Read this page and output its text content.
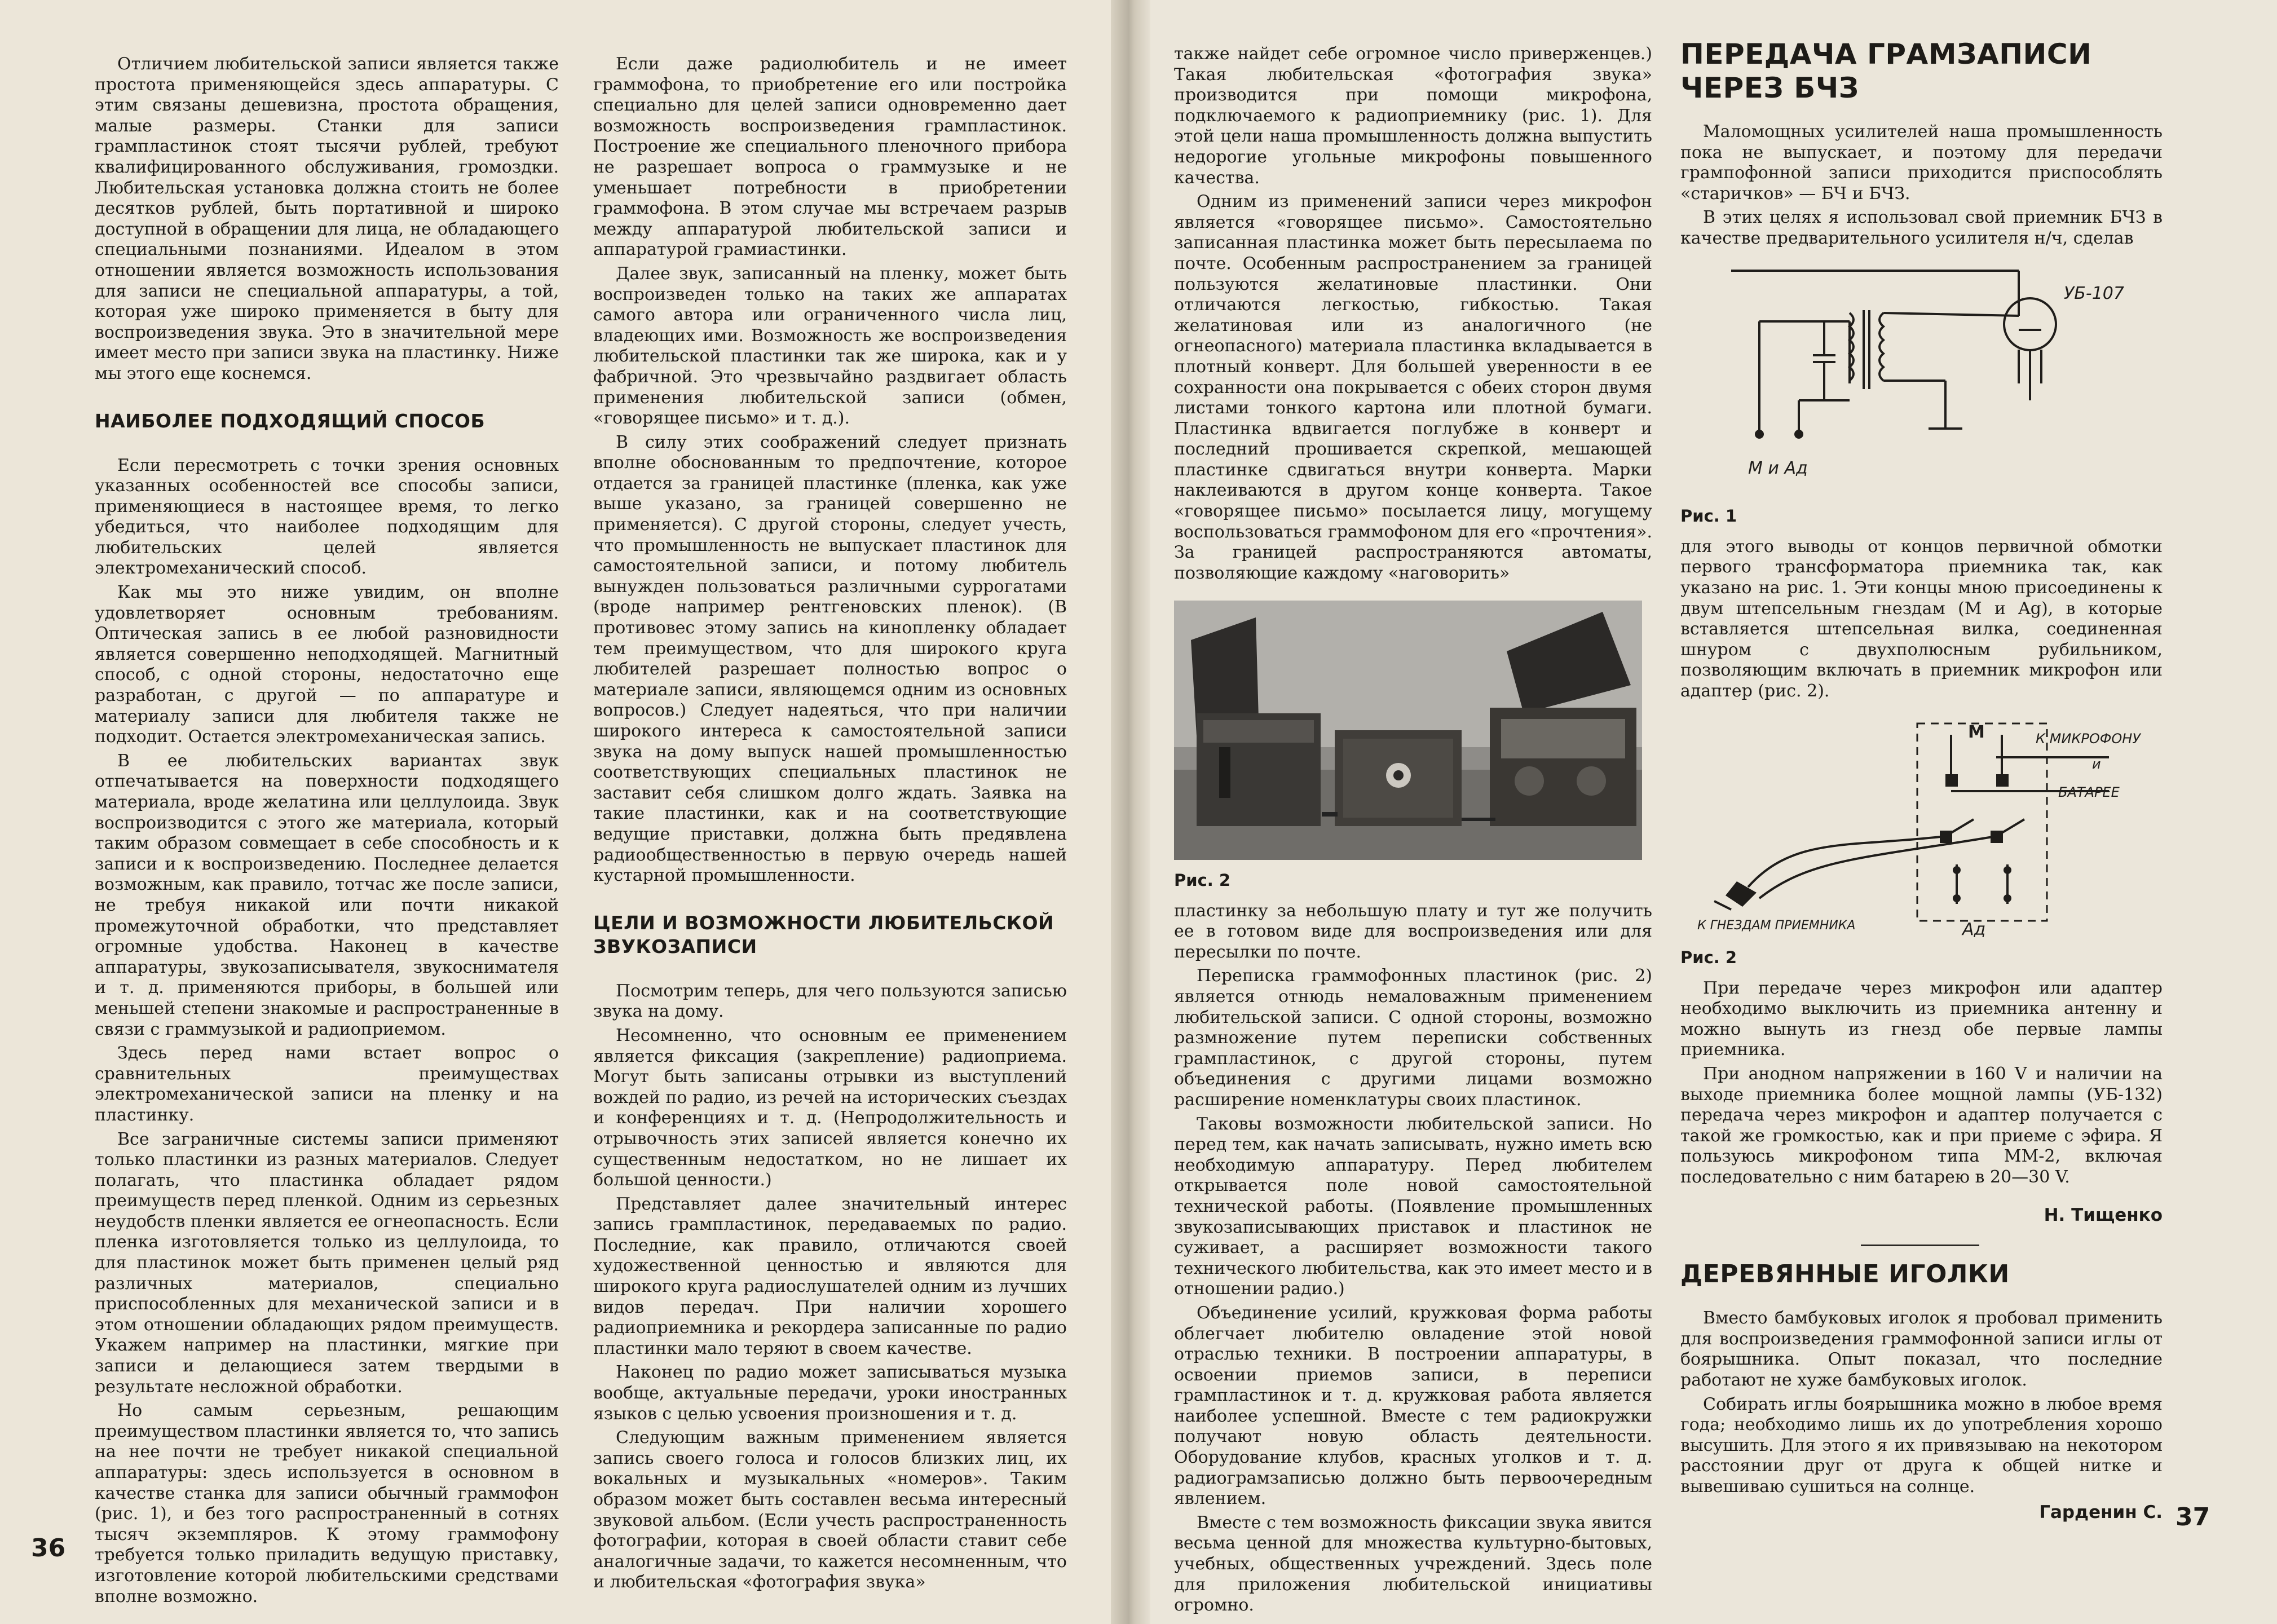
Отличием любительской записи является также простота применяющейся здесь аппаратуры. С этим связаны дешевизна, простота обращения, малые размеры. Станки для записи грампластинок стоят тысячи рублей, требуют квалифицированного обслуживания, громоздки. Любительская установка должна стоить не более десятков рублей, быть портативной и широко доступной в обращении для лица, не обладающего специальными познаниями. Идеалом в этом отношении является возможность использования для записи не специальной аппаратуры, а той, которая уже широко применяется в быту для воспроизведения звука. Это в значительной мере имеет место при записи звука на пластинку. Ниже мы этого еще коснемся.

НАИБОЛЕЕ ПОДХОДЯЩИЙ СПОСОБ

Если пересмотреть с точки зрения основных указанных особенностей все способы записи, применяющиеся в настоящее время, то легко убедиться, что наиболее подходящим для любительских целей является электромеханический способ.

Как мы это ниже увидим, он вполне удовлетворяет основным требованиям. Оптическая запись в ее любой разновидности является совершенно неподходящей. Магнитный способ, с одной стороны, недостаточно еще разработан, с другой — по аппаратуре и материалу записи для любителя также не подходит. Остается электромеханическая запись.

В ее любительских вариантах звук отпечатывается на поверхности подходящего материала, вроде желатина или целлулоида. Звук воспроизводится с этого же материала, который таким образом совмещает в себе способность и к записи и к воспроизведению. Последнее делается возможным, как правило, тотчас же после записи, не требуя никакой или почти никакой промежуточной обработки, что представляет огромные удобства. Наконец в качестве аппаратуры, звукозаписывателя, звукоснимателя и т. д. применяются приборы, в большей или меньшей степени знакомые и распространенные в связи с граммузыкой и радиоприемом.

Здесь перед нами встает вопрос о сравнительных преимуществах электромеханической записи на пленку и на пластинку.

Все заграничные системы записи применяют только пластинки из разных материалов. Следует полагать, что пластинка обладает рядом преимуществ перед пленкой. Одним из серьезных неудобств пленки является ее огнеопасность. Если пленка изготовляется только из целлулоида, то для пластинок может быть применен целый ряд различных материалов, специально приспособленных для механической записи и в этом отношении обладающих рядом преимуществ. Укажем например на пластинки, мягкие при записи и делающиеся затем твердыми в результате несложной обработки.

Но самым серьезным, решающим преимуществом пластинки является то, что запись на нее почти не требует никакой специальной аппаратуры: здесь используется в основном в качестве станка для записи обычный граммофон (рис. 1), и без того распространенный в сотнях тысяч экземпляров. К этому граммофону требуется только приладить ведущую приставку, изготовление которой любительскими средствами вполне возможно.

Если даже радиолюбитель и не имеет граммофона, то приобретение его или постройка специально для целей записи одновременно дает возможность воспроизведения грампластинок. Построение же специального пленочного прибора не разрешает вопроса о граммузыке и не уменьшает потребности в приобретении граммофона. В этом случае мы встречаем разрыв между аппаратурой любительской записи и аппаратурой грамиастинки.

Далее звук, записанный на пленку, может быть воспроизведен только на таких же аппаратах самого автора или ограниченного числа лиц, владеющих ими. Возможность же воспроизведения любительской пластинки так же широка, как и у фабричной. Это чрезвычайно раздвигает область применения любительской записи (обмен, «говорящее письмо» и т. д.).

В силу этих соображений следует признать вполне обоснованным то предпочтение, которое отдается за границей пластинке (пленка, как уже выше указано, за границей совершенно не применяется). С другой стороны, следует учесть, что промышленность не выпускает пластинок для самостоятельной записи, и потому любитель вынужден пользоваться различными суррогатами (вроде например рентгеновских пленок). (В противовес этому запись на кинопленку обладает тем преимуществом, что для широкого круга любителей разрешает полностью вопрос о материале записи, являющемся одним из основных вопросов.) Следует надеяться, что при наличии широкого интереса к самостоятельной записи звука на дому выпуск нашей промышленностью соответствующих специальных пластинок не заставит себя слишком долго ждать. Заявка на такие пластинки, как и на соответствующие ведущие приставки, должна быть предявлена радиообщественностью в первую очередь нашей кустарной промышленности.

ЦЕЛИ И ВОЗМОЖНОСТИ ЛЮБИТЕЛЬСКОЙ ЗВУКОЗАПИСИ

Посмотрим теперь, для чего пользуются записью звука на дому.

Несомненно, что основным ее применением является фиксация (закрепление) радиоприема. Могут быть записаны отрывки из выступлений вождей по радио, из речей на исторических съездах и конференциях и т. д. (Непродолжительность и отрывочность этих записей является конечно их существенным недостатком, но не лишает их большой ценности.)

Представляет далее значительный интерес запись грампластинок, передаваемых по радио. Последние, как правило, отличаются своей художественной ценностью и являются для широкого круга радиослушателей одним из лучших видов передач. При наличии хорошего радиоприемника и рекордера записанные по радио пластинки мало теряют в своем качестве.

Наконец по радио может записываться музыка вообще, актуальные передачи, уроки иностранных языков с целью усвоения произношения и т. д.

Следующим важным применением является запись своего голоса и голосов близких лиц, их вокальных и музыкальных «номеров». Таким образом может быть составлен весьма интересный звуковой альбом. (Если учесть распространенность фотографии, которая в своей области ставит себе аналогичные задачи, то кажется несомненным, что и любительская «фотография звука»

также найдет себе огромное число приверженцев.) Такая любительская «фотография звука» производится при помощи микрофона, подключаемого к радиоприемнику (рис. 1). Для этой цели наша промышленность должна выпустить недорогие угольные микрофоны повышенного качества.

Одним из применений записи через микрофон является «говорящее письмо». Самостоятельно записанная пластинка может быть пересылаема по почте. Особенным распространением за границей пользуются желатиновые пластинки. Они отличаются легкостью, гибкостью. Такая желатиновая или из аналогичного (не огнеопасного) материала пластинка вкладывается в плотный конверт. Для большей уверенности в ее сохранности она покрывается с обеих сторон двумя листами тонкого картона или плотной бумаги. Пластинка вдвигается поглубже в конверт и последний прошивается скрепкой, мешающей пластинке сдвигаться внутри конверта. Марки наклеиваются в другом конце конверта. Такое «говорящее письмо» посылается лицу, могущему воспользоваться граммофоном для его «прочтения». За границей распространяются автоматы, позволяющие каждому «наговорить»

Рис. 2

пластинку за небольшую плату и тут же получить ее в готовом виде для воспроизведения или для пересылки по почте.

Переписка граммофонных пластинок (рис. 2) является отнюдь немаловажным применением любительской записи. С одной стороны, возможно размножение путем переписки собственных грампластинок, с другой стороны, путем объединения с другими лицами возможно расширение номенклатуры своих пластинок.

Таковы возможности любительской записи. Но перед тем, как начать записывать, нужно иметь всю необходимую аппаратуру. Перед любителем открывается поле новой самостоятельной технической работы. (Появление промышленных звукозаписывающих приставок и пластинок не суживает, а расширяет возможности такого технического любительства, как это имеет место и в отношении радио.)

Объединение усилий, кружковая форма работы облегчает любителю овладение этой новой отраслью техники. В построении аппаратуры, в освоении приемов записи, в переписи грампластинок и т. д. кружковая работа является наиболее успешной. Вместе с тем радиокружки получают новую область деятельности. Оборудование клубов, красных уголков и т. д. радиограмзаписью должно быть первоочередным явлением.

Вместе с тем возможность фиксации звука явится весьма ценной для множества культурно-бытовых, учебных, общественных учреждений. Здесь поле для приложения любительской инициативы огромно.

ПЕРЕДАЧА ГРАМЗАПИСИ ЧЕРЕЗ БЧЗ

Маломощных усилителей наша промышленность пока не выпускает, и поэтому для передачи грампофонной записи приходится приспособлять «старичков» — БЧ и БЧЗ.

В этих целях я использовал свой приемник БЧЗ в качестве предварительного усилителя н/ч, сделав

УБ-107
М и Ад
Рис. 1

для этого выводы от концов первичной обмотки первого трансформатора приемника так, как указано на рис. 1. Эти концы мною присоединены к двум штепсельным гнездам (М и Ag), в которые вставляется штепсельная вилка, соединенная шнуром с двухполюсным рубильником, позволяющим включать в приемник микрофон или адаптер (рис. 2).

М	К МИКРОФОНУ
и
БАТАРЕЕ
К ГНЕЗДАМ ПРИЕМНИКА	Ад
Рис. 2

При передаче через микрофон или адаптер необходимо выключить из приемника антенну и можно вынуть из гнезд обе первые лампы приемника.

При анодном напряжении в 160 V и наличии на выходе приемника более мощной лампы (УБ-132) передача через микрофон и адаптер получается с такой же громкостью, как и при приеме с эфира. Я пользуюсь микрофоном типа ММ-2, включая последовательно с ним батарею в 20—30 V.

Н. Тищенко

ДЕРЕВЯННЫЕ ИГОЛКИ

Вместо бамбуковых иголок я пробовал применить для воспроизведения граммофонной записи иглы от боярышника. Опыт показал, что последние работают не хуже бамбуковых иголок.

Собирать иглы боярышника можно в любое время года; необходимо лишь их до употребления хорошо высушить. Для этого я их привязываю на некотором расстоянии друг от друга к общей нитке и вывешиваю сушиться на солнце.

Гарденин С.

36
37
